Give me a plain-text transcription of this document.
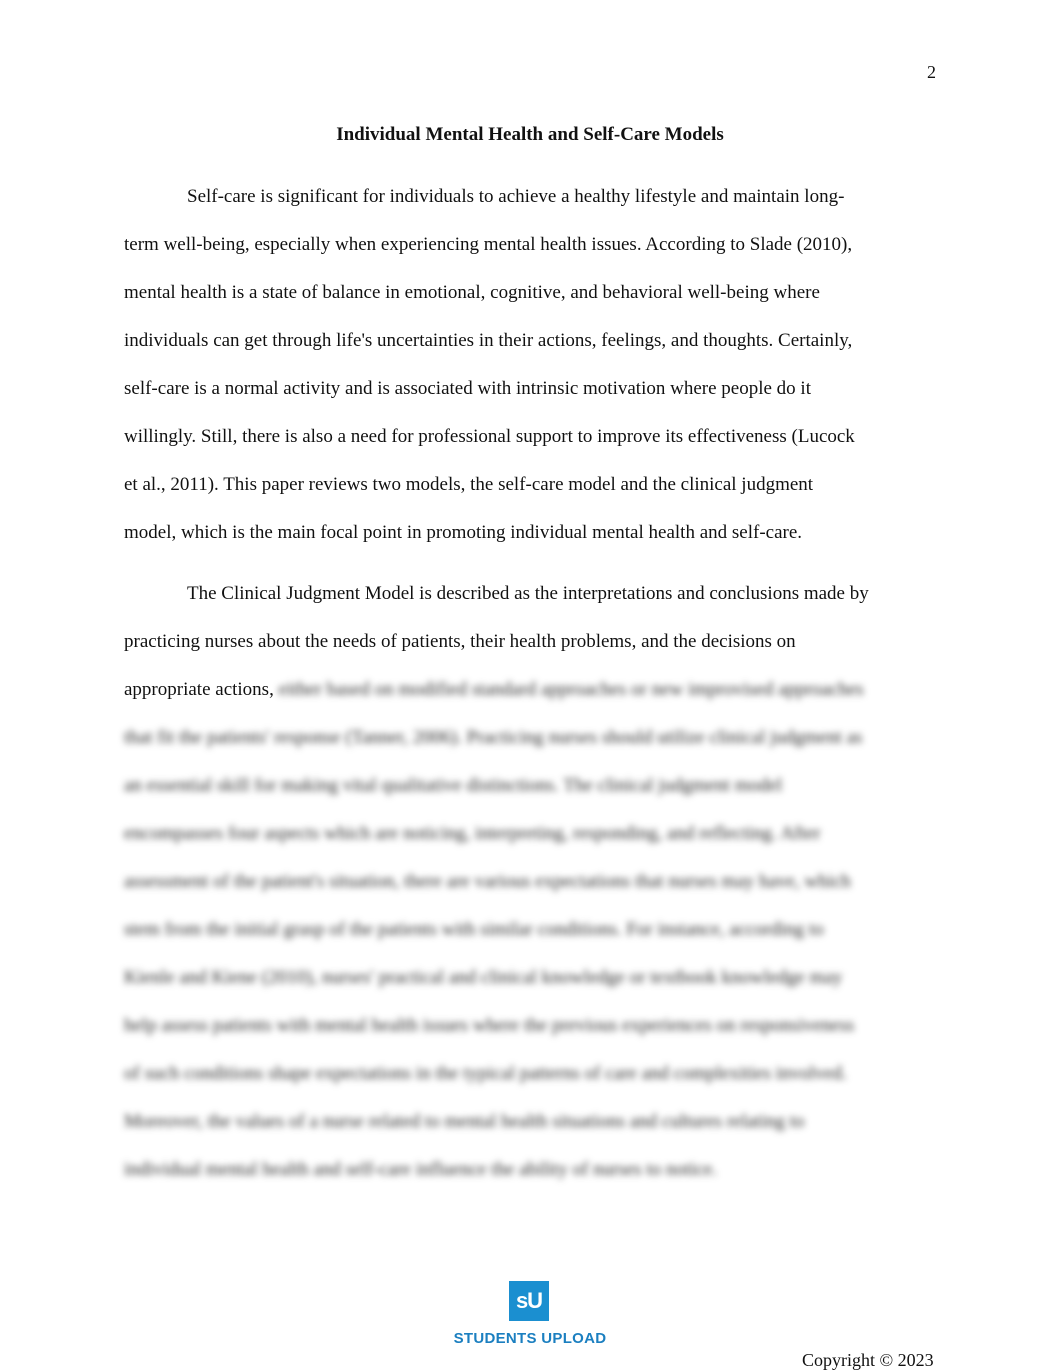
2
Individual Mental Health and Self-Care Models
Self-care is significant for individuals to achieve a healthy lifestyle and maintain long-
term well-being, especially when experiencing mental health issues. According to Slade (2010),
mental health is a state of balance in emotional, cognitive, and behavioral well-being where
individuals can get through life's uncertainties in their actions, feelings, and thoughts. Certainly,
self-care is a normal activity and is associated with intrinsic motivation where people do it
willingly. Still, there is also a need for professional support to improve its effectiveness (Lucock
et al., 2011). This paper reviews two models, the self-care model and the clinical judgment
model, which is the main focal point in promoting individual mental health and self-care.
The Clinical Judgment Model is described as the interpretations and conclusions made by
practicing nurses about the needs of patients, their health problems, and the decisions on
appropriate actions, either based on modified standard approaches or new improvised approaches
that fit the patients' response (Tanner, 2006). Practicing nurses should utilize clinical judgment as
an essential skill for making vital qualitative distinctions. The clinical judgment model
encompasses four aspects which are noticing, interpreting, responding, and reflecting. After
assessment of the patient's situation, there are various expectations that nurses may have, which
stem from the initial grasp of the patients with similar conditions. For instance, according to
Kienle and Kiene (2010), nurses' practical and clinical knowledge or textbook knowledge may
help assess patients with mental health issues where the previous experiences on responsiveness
of such conditions shape expectations in the typical patterns of care and complexities involved.
Moreover, the values of a nurse related to mental health situations and cultures relating to
individual mental health and self-care influence the ability of nurses to notice.
sU
STUDENTS UPLOAD
Copyright © 2023
